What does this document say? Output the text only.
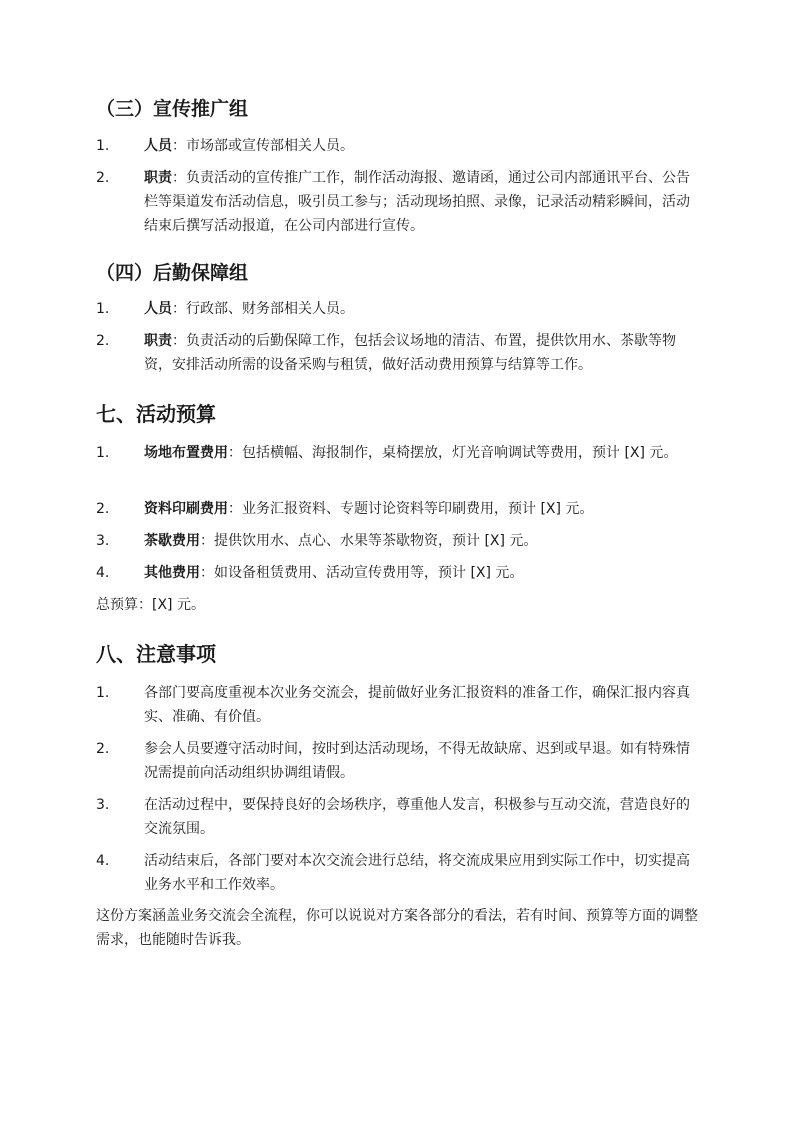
（三）宣传推广组
1.	人员：市场部或宣传部相关人员。
2.	职责：负责活动的宣传推广工作，制作活动海报、邀请函，通过公司内部通讯平台、公告栏等渠道发布活动信息，吸引员工参与；活动现场拍照、录像，记录活动精彩瞬间，活动结束后撰写活动报道，在公司内部进行宣传。
（四）后勤保障组
1.	人员：行政部、财务部相关人员。
2.	职责：负责活动的后勤保障工作，包括会议场地的清洁、布置，提供饮用水、茶歇等物资，安排活动所需的设备采购与租赁，做好活动费用预算与结算等工作。
七、活动预算
1.	场地布置费用：包括横幅、海报制作，桌椅摆放，灯光音响调试等费用，预计 [X] 元。
2.	资料印刷费用：业务汇报资料、专题讨论资料等印刷费用，预计 [X] 元。
3.	茶歇费用：提供饮用水、点心、水果等茶歇物资，预计 [X] 元。
4.	其他费用：如设备租赁费用、活动宣传费用等，预计 [X] 元。
总预算：[X] 元。
八、注意事项
1.	各部门要高度重视本次业务交流会，提前做好业务汇报资料的准备工作，确保汇报内容真实、准确、有价值。
2.	参会人员要遵守活动时间，按时到达活动现场，不得无故缺席、迟到或早退。如有特殊情况需提前向活动组织协调组请假。
3.	在活动过程中，要保持良好的会场秩序，尊重他人发言，积极参与互动交流，营造良好的交流氛围。
4.	活动结束后，各部门要对本次交流会进行总结，将交流成果应用到实际工作中，切实提高业务水平和工作效率。
这份方案涵盖业务交流会全流程，你可以说说对方案各部分的看法，若有时间、预算等方面的调整需求，也能随时告诉我。
